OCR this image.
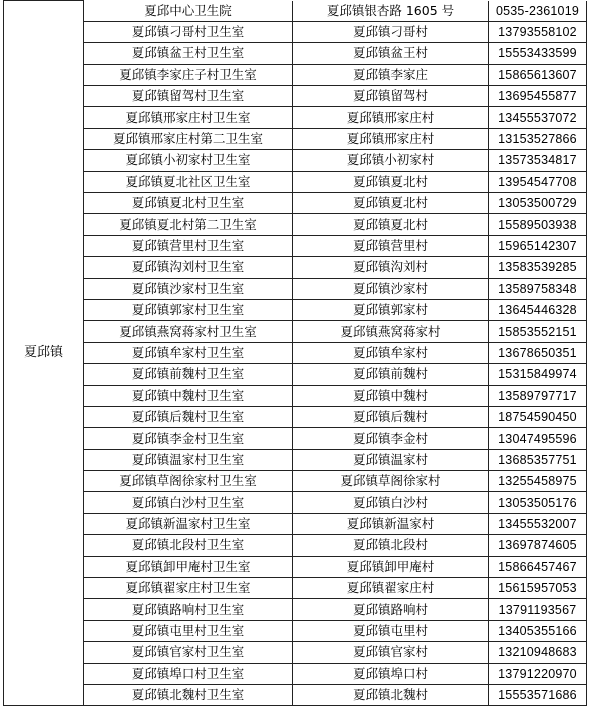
夏邱镇	夏邱中心卫生院	夏邱镇银杏路 1605 号	0535-2361019
	夏邱镇刁哥村卫生室	夏邱镇刁哥村	13793558102
	夏邱镇盆王村卫生室	夏邱镇盆王村	15553433599
	夏邱镇李家庄子村卫生室	夏邱镇李家庄	15865613607
	夏邱镇留驾村卫生室	夏邱镇留驾村	13695455877
	夏邱镇邢家庄村卫生室	夏邱镇邢家庄村	13455537072
	夏邱镇邢家庄村第二卫生室	夏邱镇邢家庄村	13153527866
	夏邱镇小初家村卫生室	夏邱镇小初家村	13573534817
	夏邱镇夏北社区卫生室	夏邱镇夏北村	13954547708
	夏邱镇夏北村卫生室	夏邱镇夏北村	13053500729
	夏邱镇夏北村第二卫生室	夏邱镇夏北村	15589503938
	夏邱镇营里村卫生室	夏邱镇营里村	15965142307
	夏邱镇沟刘村卫生室	夏邱镇沟刘村	13583539285
	夏邱镇沙家村卫生室	夏邱镇沙家村	13589758348
	夏邱镇郭家村卫生室	夏邱镇郭家村	13645446328
	夏邱镇燕窝蒋家村卫生室	夏邱镇燕窝蒋家村	15853552151
	夏邱镇牟家村卫生室	夏邱镇牟家村	13678650351
	夏邱镇前魏村卫生室	夏邱镇前魏村	15315849974
	夏邱镇中魏村卫生室	夏邱镇中魏村	13589797717
	夏邱镇后魏村卫生室	夏邱镇后魏村	18754590450
	夏邱镇李金村卫生室	夏邱镇李金村	13047495596
	夏邱镇温家村卫生室	夏邱镇温家村	13685357751
	夏邱镇草阁徐家村卫生室	夏邱镇草阁徐家村	13255458975
	夏邱镇白沙村卫生室	夏邱镇白沙村	13053505176
	夏邱镇新温家村卫生室	夏邱镇新温家村	13455532007
	夏邱镇北段村卫生室	夏邱镇北段村	13697874605
	夏邱镇卸甲庵村卫生室	夏邱镇卸甲庵村	15866457467
	夏邱镇翟家庄村卫生室	夏邱镇翟家庄村	15615957053
	夏邱镇路响村卫生室	夏邱镇路响村	13791193567
	夏邱镇屯里村卫生室	夏邱镇屯里村	13405355166
	夏邱镇官家村卫生室	夏邱镇官家村	13210948683
	夏邱镇埠口村卫生室	夏邱镇埠口村	13791220970
	夏邱镇北魏村卫生室	夏邱镇北魏村	15553571686
